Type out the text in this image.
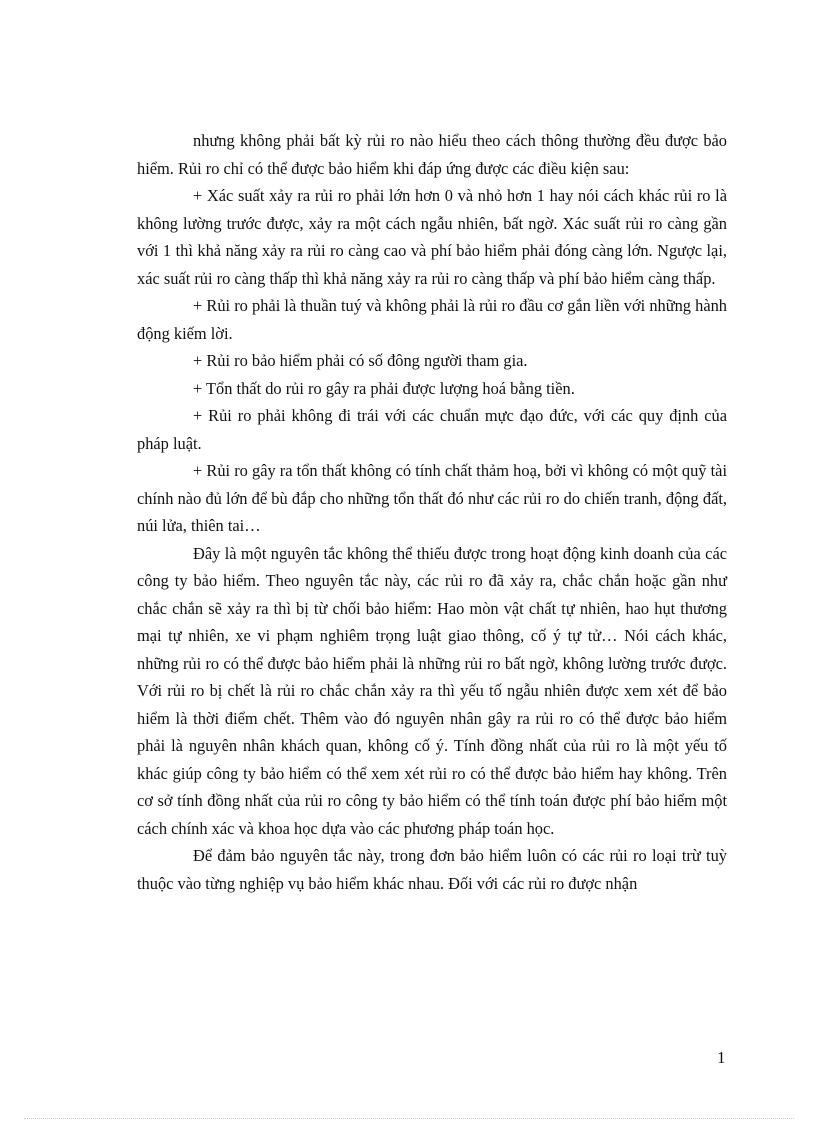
nhưng không phải bất kỳ rủi ro nào hiểu theo cách thông thường đều được bảo hiểm. Rủi ro chỉ có thể được bảo hiểm khi đáp ứng được các điều kiện sau:

+ Xác suất xảy ra rủi ro phải lớn hơn 0 và nhỏ hơn 1 hay nói cách khác rủi ro là không lường trước được, xảy ra một cách ngẫu nhiên, bất ngờ. Xác suất rủi ro càng gần với 1 thì khả năng xảy ra rủi ro càng cao và phí bảo hiểm phải đóng càng lớn. Ngược lại, xác suất rủi ro càng thấp thì khả năng xảy ra rủi ro càng thấp và phí bảo hiểm càng thấp.

+ Rủi ro phải là thuần tuý và không phải là rủi ro đầu cơ gắn liền với những hành động kiếm lời.

+ Rủi ro bảo hiểm phải có số đông người tham gia.

+ Tổn thất do rủi ro gây ra phải được lượng hoá bằng tiền.

+ Rủi ro phải không đi trái với các chuẩn mực đạo đức, với các quy định của pháp luật.

+ Rủi ro gây ra tổn thất không có tính chất thảm hoạ, bởi vì không có một quỹ tài chính nào đủ lớn để bù đắp cho những tổn thất đó như các rủi ro do chiến tranh, động đất, núi lửa, thiên tai…

Đây là một nguyên tắc không thể thiếu được trong hoạt động kinh doanh của các công ty bảo hiểm. Theo nguyên tắc này, các rủi ro đã xảy ra, chắc chắn hoặc gần như chắc chắn sẽ xảy ra thì bị từ chối bảo hiểm: Hao mòn vật chất tự nhiên, hao hụt thương mại tự nhiên, xe vi phạm nghiêm trọng luật giao thông, cố ý tự tử… Nói cách khác, những rủi ro có thể được bảo hiểm phải là những rủi ro bất ngờ, không lường trước được. Với rủi ro bị chết là rủi ro chắc chắn xảy ra thì yếu tố ngẫu nhiên được xem xét để bảo hiểm là thời điểm chết. Thêm vào đó nguyên nhân gây ra rủi ro có thể được bảo hiểm phải là nguyên nhân khách quan, không cố ý. Tính đồng nhất của rủi ro là một yếu tố khác giúp công ty bảo hiểm có thể xem xét rủi ro có thể được bảo hiểm hay không. Trên cơ sở tính đồng nhất của rủi ro công ty bảo hiểm có thể tính toán được phí bảo hiểm một cách chính xác và khoa học dựa vào các phương pháp toán học.

Để đảm bảo nguyên tắc này, trong đơn bảo hiểm luôn có các rủi ro loại trừ tuỳ thuộc vào từng nghiệp vụ bảo hiểm khác nhau. Đối với các rủi ro được nhận

1
